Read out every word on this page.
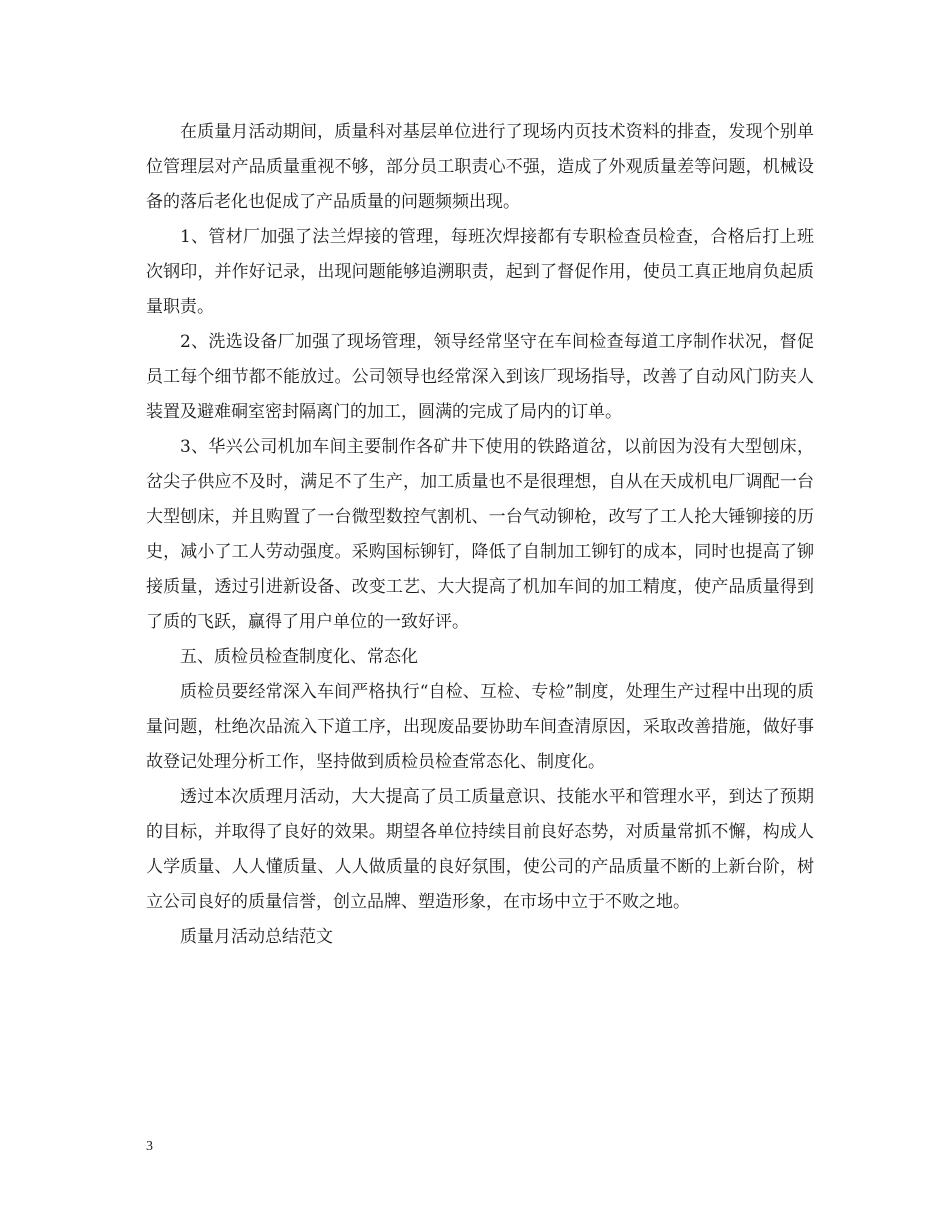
在质量月活动期间，质量科对基层单位进行了现场内页技术资料的排查，发现个别单位管理层对产品质量重视不够，部分员工职责心不强，造成了外观质量差等问题，机械设备的落后老化也促成了产品质量的问题频频出现。

1、管材厂加强了法兰焊接的管理，每班次焊接都有专职检查员检查，合格后打上班次钢印，并作好记录，出现问题能够追溯职责，起到了督促作用，使员工真正地肩负起质量职责。

2、洗选设备厂加强了现场管理，领导经常坚守在车间检查每道工序制作状况，督促员工每个细节都不能放过。公司领导也经常深入到该厂现场指导，改善了自动风门防夹人装置及避难硐室密封隔离门的加工，圆满的完成了局内的订单。

3、华兴公司机加车间主要制作各矿井下使用的铁路道岔，以前因为没有大型刨床，岔尖子供应不及时，满足不了生产，加工质量也不是很理想，自从在天成机电厂调配一台大型刨床，并且购置了一台微型数控气割机、一台气动铆枪，改写了工人抡大锤铆接的历史，减小了工人劳动强度。采购国标铆钉，降低了自制加工铆钉的成本，同时也提高了铆接质量，透过引进新设备、改变工艺、大大提高了机加车间的加工精度，使产品质量得到了质的飞跃，赢得了用户单位的一致好评。

五、质检员检查制度化、常态化

质检员要经常深入车间严格执行“自检、互检、专检”制度，处理生产过程中出现的质量问题，杜绝次品流入下道工序，出现废品要协助车间查清原因，采取改善措施，做好事故登记处理分析工作，坚持做到质检员检查常态化、制度化。

透过本次质理月活动，大大提高了员工质量意识、技能水平和管理水平，到达了预期的目标，并取得了良好的效果。期望各单位持续目前良好态势，对质量常抓不懈，构成人人学质量、人人懂质量、人人做质量的良好氛围，使公司的产品质量不断的上新台阶，树立公司良好的质量信誉，创立品牌、塑造形象，在市场中立于不败之地。

质量月活动总结范文

3
